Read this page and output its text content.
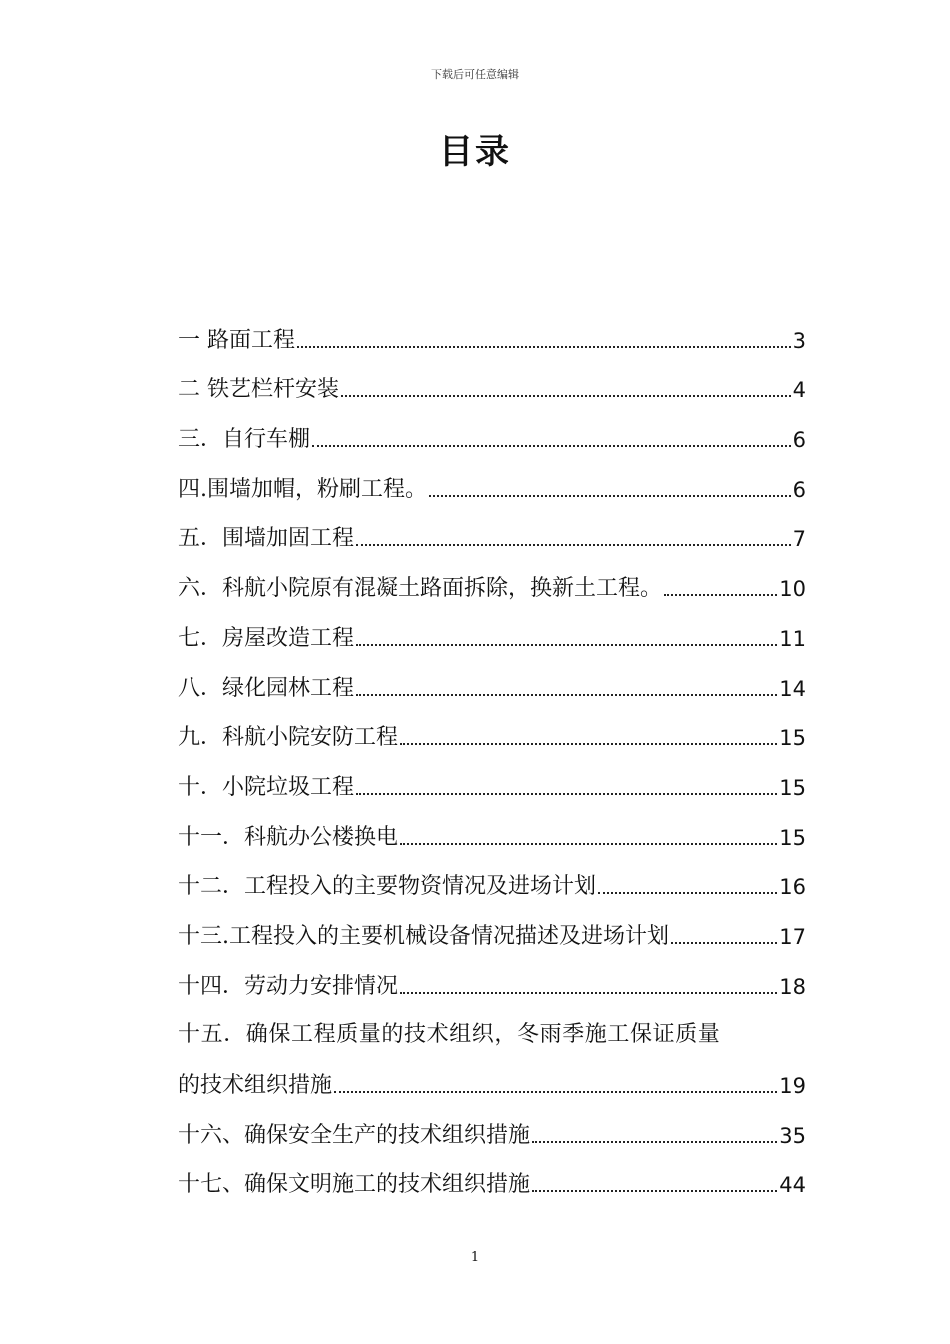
下载后可任意编辑
目录
一 路面工程	3
二 铁艺栏杆安装	4
三．自行车棚	6
四.围墙加帽，粉刷工程。	6
五．围墙加固工程	7
六．科航小院原有混凝土路面拆除，换新土工程。	10
七．房屋改造工程	11
八．绿化园林工程	14
九．科航小院安防工程	15
十．小院垃圾工程	15
十一．科航办公楼换电	15
十二．工程投入的主要物资情况及进场计划	16
十三.工程投入的主要机械设备情况描述及进场计划	17
十四．劳动力安排情况	18
十五．确保工程质量的技术组织，冬雨季施工保证质量
的技术组织措施	19
十六、确保安全生产的技术组织措施	35
十七、确保文明施工的技术组织措施	44
1
